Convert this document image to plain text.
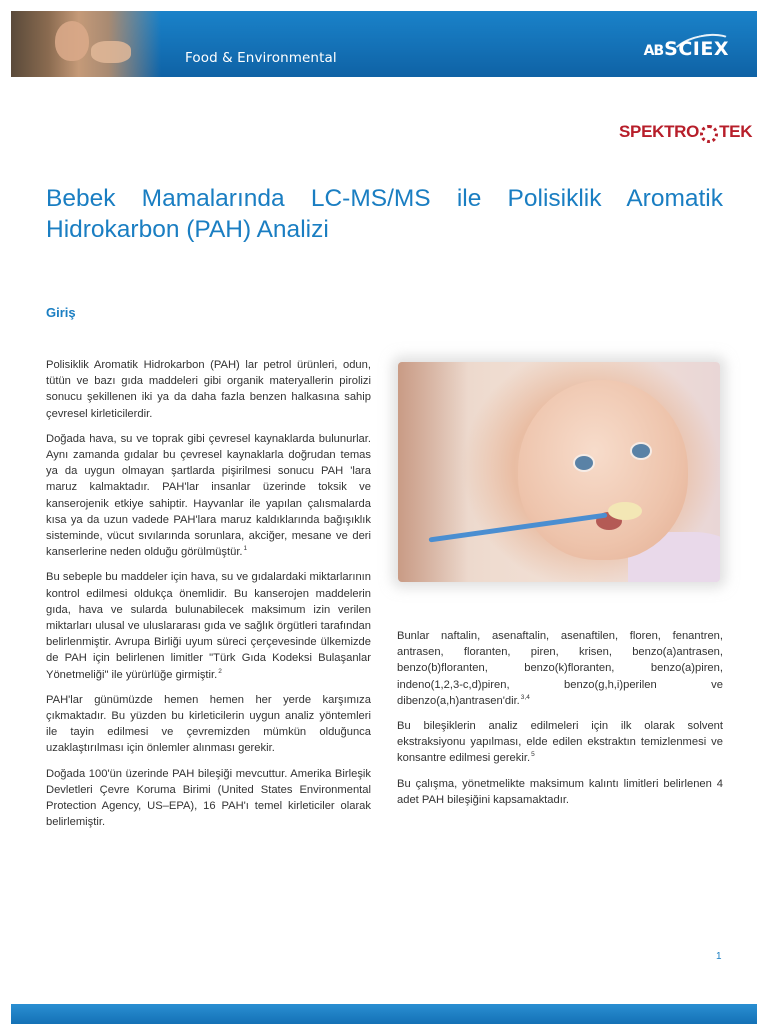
Food & Environmental	AB SCIEX
SPEKTRO TEK
Bebek Mamalarında LC-MS/MS ile Polisiklik Aromatik Hidrokarbon (PAH) Analizi
Giriş

Polisiklik Aromatik Hidrokarbon (PAH) lar petrol ürünleri, odun, tütün ve bazı gıda maddeleri gibi organik materyallerin pirolizi sonucu şekillenen iki ya da daha fazla benzen halkasına sahip çevresel kirleticilerdir.

Doğada hava, su ve toprak gibi çevresel kaynaklarda bulunurlar. Aynı zamanda gıdalar bu çevresel kaynaklarla doğrudan temas ya da uygun olmayan şartlarda pişirilmesi sonucu PAH 'lara maruz kalmaktadır. PAH'lar insanlar üzerinde toksik ve kanserojenik etkiye sahiptir. Hayvanlar ile yapılan çalısmalarda kısa ya da uzun vadede PAH'lara maruz kaldıklarında bağışıklık sisteminde, vücut sıvılarında sorunlara, akciğer, mesane ve deri kanserlerine neden olduğu görülmüştür.$^1$

Bu sebeple bu maddeler için hava, su ve gıdalardaki miktarlarının kontrol edilmesi oldukça önemlidir. Bu kanserojen maddelerin gıda, hava ve sularda bulunabilecek maksimum izin verilen miktarları ulusal ve uluslararası gıda ve sağlık örgütleri tarafından belirlenmiştir. Avrupa Birliği uyum süreci çerçevesinde ülkemizde de PAH için belirlenen limitler "Türk Gıda Kodeksi Bulaşanlar Yönetmeliği" ile yürürlüğe girmiştir.$^2$

PAH'lar günümüzde hemen hemen her yerde karşımıza çıkmaktadır. Bu yüzden bu kirleticilerin uygun analiz yöntemleri ile tayin edilmesi ve çevremizden mümkün olduğunca uzaklaştırılması için önlemler alınması gerekir.

Doğada 100'ün üzerinde PAH bileşiği mevcuttur. Amerika Birleşik Devletleri Çevre Koruma Birimi (United States Environmental Protection Agency, US–EPA), 16 PAH'ı temel kirleticiler olarak belirlemiştir.

Bunlar naftalin, asenaftalin, asenaftilen, floren, fenantren, antrasen, floranten, piren, krisen, benzo(a)antrasen, benzo(b)floranten, benzo(k)floranten, benzo(a)piren, indeno(1,2,3-c,d)piren, benzo(g,h,i)perilen ve dibenzo(a,h)antrasen'dir.$^{3,4}$

Bu bileşiklerin analiz edilmeleri için ilk olarak solvent ekstraksiyonu yapılması, elde edilen ekstraktın temizlenmesi ve konsantre edilmesi gerekir.$^5$

Bu çalışma, yönetmelikte maksimum kalıntı limitleri belirlenen 4 adet PAH bileşiğini kapsamaktadır.

1
